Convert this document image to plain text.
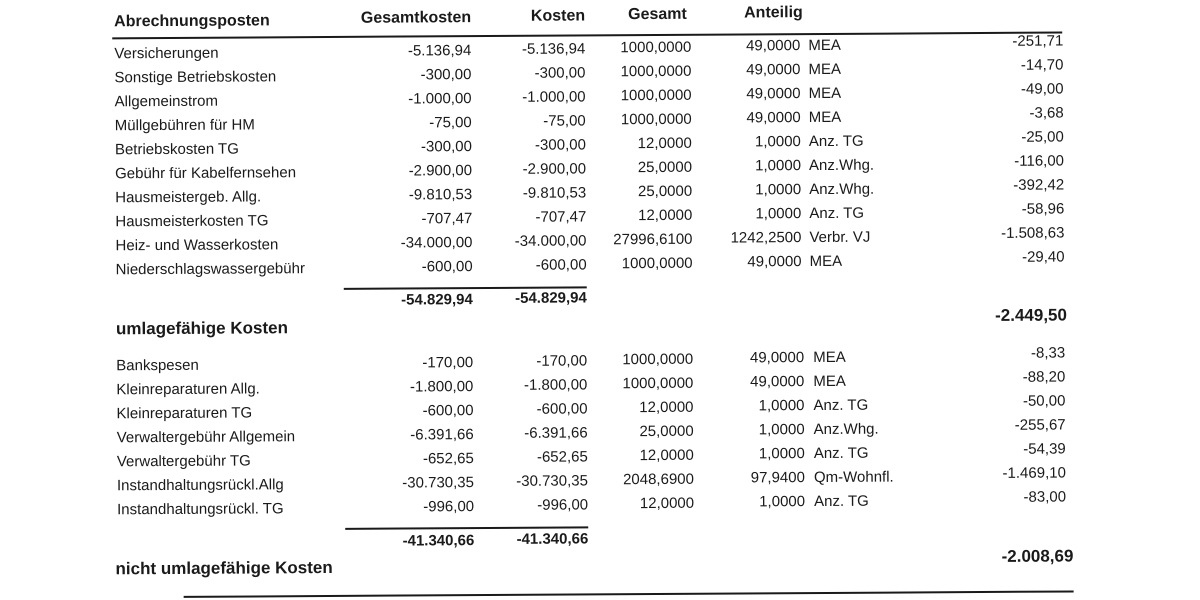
Abrechnungsposten	Gesamtkosten	Kosten	Gesamt	Anteilig
Versicherungen	-5.136,94	-5.136,94	1000,0000	49,0000 MEA	-251,71
Sonstige Betriebskosten	-300,00	-300,00	1000,0000	49,0000 MEA	-14,70
Allgemeinstrom	-1.000,00	-1.000,00	1000,0000	49,0000 MEA	-49,00
Müllgebühren für HM	-75,00	-75,00	1000,0000	49,0000 MEA	-3,68
Betriebskosten TG	-300,00	-300,00	12,0000	1,0000 Anz. TG	-25,00
Gebühr für Kabelfernsehen	-2.900,00	-2.900,00	25,0000	1,0000 Anz.Whg.	-116,00
Hausmeistergeb. Allg.	-9.810,53	-9.810,53	25,0000	1,0000 Anz.Whg.	-392,42
Hausmeisterkosten TG	-707,47	-707,47	12,0000	1,0000 Anz. TG	-58,96
Heiz- und Wasserkosten	-34.000,00	-34.000,00	27996,6100	1242,2500 Verbr. VJ	-1.508,63
Niederschlagswassergebühr	-600,00	-600,00	1000,0000	49,0000 MEA	-29,40
-54.829,94	-54.829,94
umlagefähige Kosten
-2.449,50
Bankspesen	-170,00	-170,00	1000,0000	49,0000 MEA	-8,33
Kleinreparaturen Allg.	-1.800,00	-1.800,00	1000,0000	49,0000 MEA	-88,20
Kleinreparaturen TG	-600,00	-600,00	12,0000	1,0000 Anz. TG	-50,00
Verwaltergebühr Allgemein	-6.391,66	-6.391,66	25,0000	1,0000 Anz.Whg.	-255,67
Verwaltergebühr TG	-652,65	-652,65	12,0000	1,0000 Anz. TG	-54,39
Instandhaltungsrückl.Allg	-30.730,35	-30.730,35	2048,6900	97,9400 Qm-Wohnfl.	-1.469,10
Instandhaltungsrückl. TG	-996,00	-996,00	12,0000	1,0000 Anz. TG	-83,00
-41.340,66	-41.340,66
nicht umlagefähige Kosten
-2.008,69
